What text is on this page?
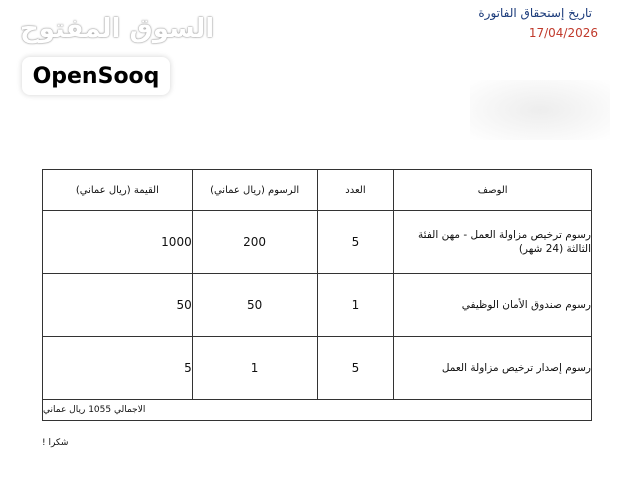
السوق المفتوح
OpenSooq
تاريخ إستحقاق الفاتورة
17/04/2026
القيمة (ريال عماني)	الرسوم (ريال عماني)	العدد	الوصف
1000	200	5	رسوم ترخيص مزاولة العمل - مهن الفئة الثالثة (24 شهر)
50	50	1	رسوم صندوق الأمان الوظيفي
5	1	5	رسوم إصدار ترخيص مزاولة العمل
الاجمالي 1055 ريال عماني			
شكرا !
